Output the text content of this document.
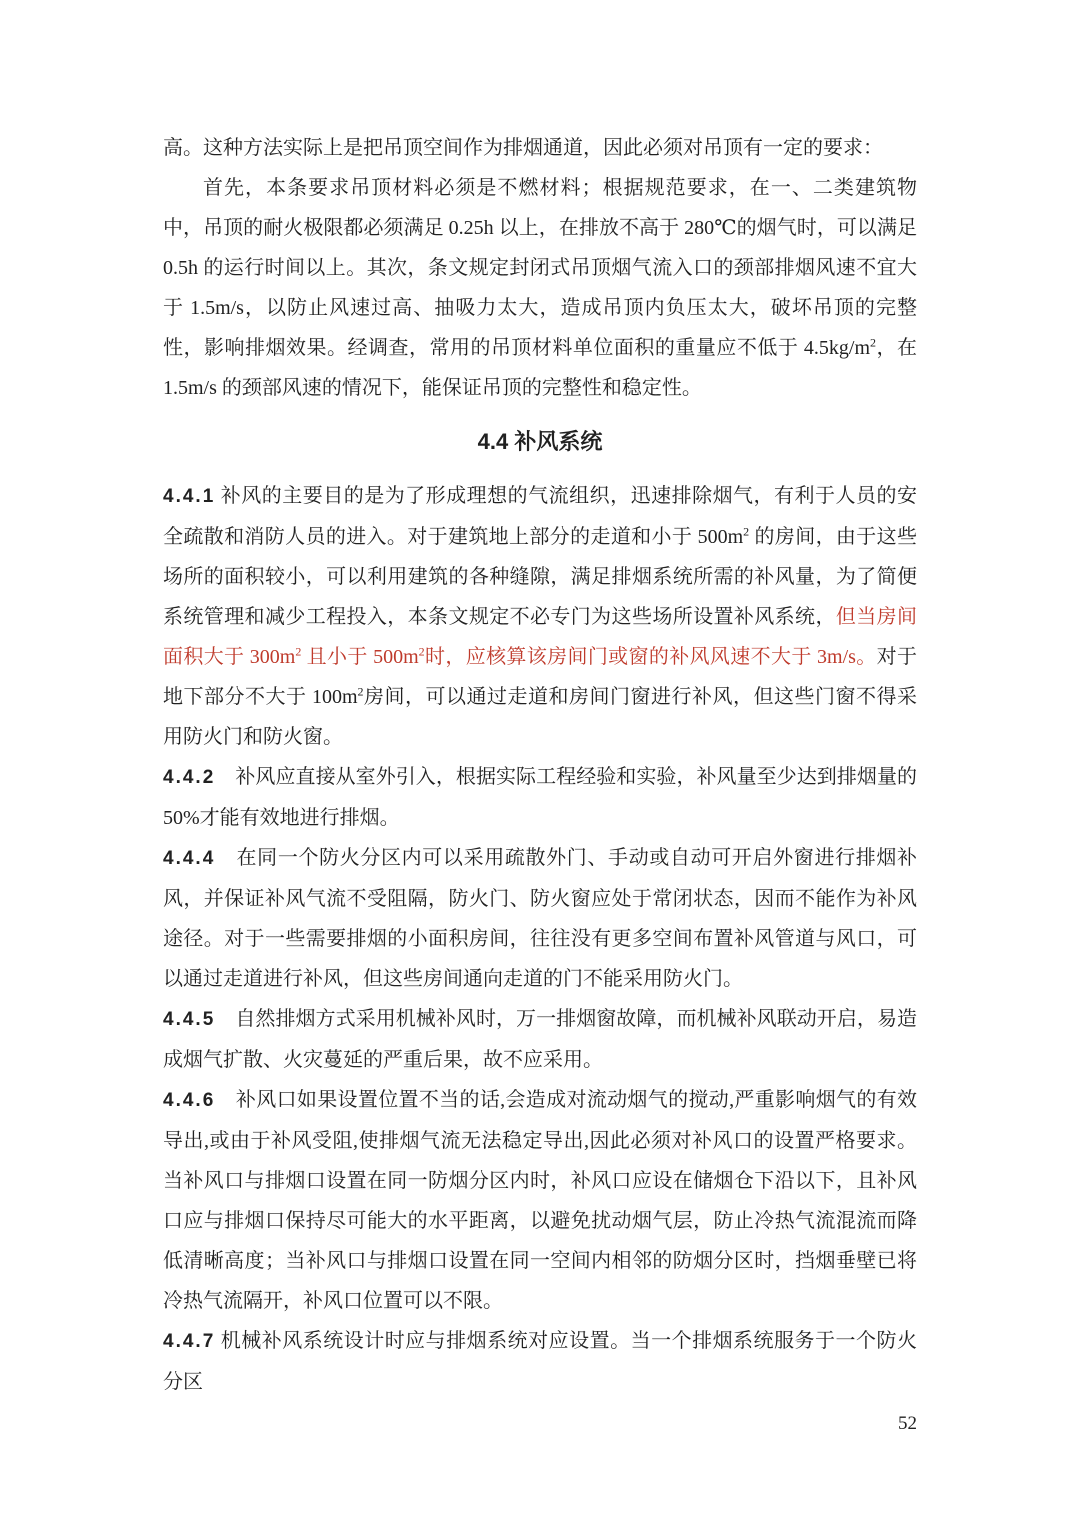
高。这种方法实际上是把吊顶空间作为排烟通道，因此必须对吊顶有一定的要求：

首先，本条要求吊顶材料必须是不燃材料；根据规范要求，在一、二类建筑物中，吊顶的耐火极限都必须满足 0.25h 以上，在排放不高于 280℃的烟气时，可以满足 0.5h 的运行时间以上。其次，条文规定封闭式吊顶烟气流入口的颈部排烟风速不宜大于 1.5m/s，以防止风速过高、抽吸力太大，造成吊顶内负压太大，破坏吊顶的完整性，影响排烟效果。经调查，常用的吊顶材料单位面积的重量应不低于 $4.5kg/m^2$，在 1.5m/s 的颈部风速的情况下，能保证吊顶的完整性和稳定性。

4.4 补风系统

4.4.1 补风的主要目的是为了形成理想的气流组织，迅速排除烟气，有利于人员的安全疏散和消防人员的进入。对于建筑地上部分的走道和小于 $500m^2$ 的房间，由于这些场所的面积较小，可以利用建筑的各种缝隙，满足排烟系统所需的补风量，为了简便系统管理和减少工程投入，本条文规定不必专门为这些场所设置补风系统，但当房间面积大于 $300m^2$ 且小于 $500m^2$时，应核算该房间门或窗的补风风速不大于 3m/s。对于地下部分不大于 $100m^2$房间，可以通过走道和房间门窗进行补风，但这些门窗不得采用防火门和防火窗。

4.4.2　补风应直接从室外引入，根据实际工程经验和实验，补风量至少达到排烟量的 50%才能有效地进行排烟。

4.4.4　在同一个防火分区内可以采用疏散外门、手动或自动可开启外窗进行排烟补风，并保证补风气流不受阻隔，防火门、防火窗应处于常闭状态，因而不能作为补风途径。对于一些需要排烟的小面积房间，往往没有更多空间布置补风管道与风口，可以通过走道进行补风，但这些房间通向走道的门不能采用防火门。

4.4.5　自然排烟方式采用机械补风时，万一排烟窗故障，而机械补风联动开启，易造成烟气扩散、火灾蔓延的严重后果，故不应采用。

4.4.6　补风口如果设置位置不当的话,会造成对流动烟气的搅动,严重影响烟气的有效导出,或由于补风受阻,使排烟气流无法稳定导出,因此必须对补风口的设置严格要求。当补风口与排烟口设置在同一防烟分区内时，补风口应设在储烟仓下沿以下，且补风口应与排烟口保持尽可能大的水平距离，以避免扰动烟气层，防止冷热气流混流而降低清晰高度；当补风口与排烟口设置在同一空间内相邻的防烟分区时，挡烟垂壁已将冷热气流隔开，补风口位置可以不限。

4.4.7 机械补风系统设计时应与排烟系统对应设置。当一个排烟系统服务于一个防火分区

52
